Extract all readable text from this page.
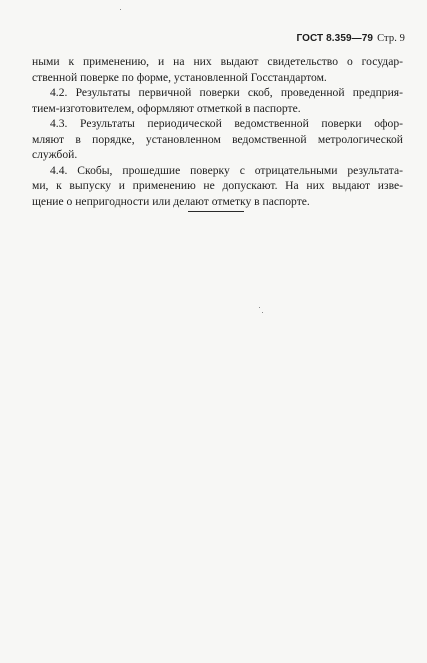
ГОСТ 8.359—79 Стр. 9

ными к применению, и на них выдают свидетельство о государ-
ственной поверке по форме, установленной Госстандартом.

4.2. Результаты первичной поверки скоб, проведенной предприя-
тием-изготовителем, оформляют отметкой в паспорте.

4.3. Результаты периодической ведомственной поверки офор-
мляют в порядке, установленном ведомственной метрологической
службой.

4.4. Скобы, прошедшие поверку с отрицательными результата-
ми, к выпуску и применению не допускают. На них выдают изве-
щение о непригодности или делают отметку в паспорте.
